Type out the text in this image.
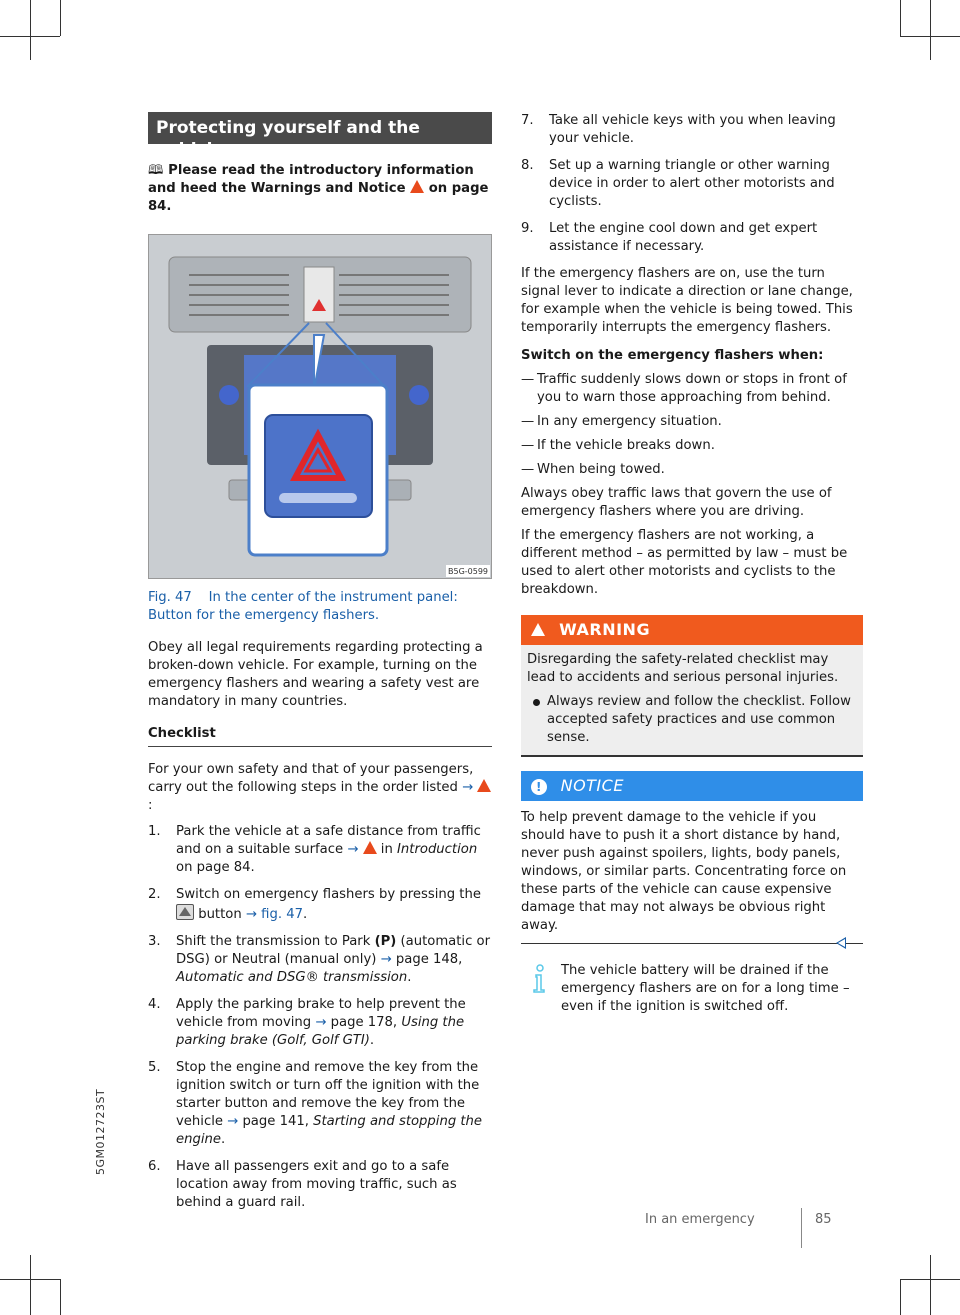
Protecting yourself and the vehicle

🕮 Please read the introductory information and heed the Warnings and Notice on page 84.

B5G-0599

Fig. 47 In the center of the instrument panel: Button for the emergency flashers.

Obey all legal requirements regarding protecting a broken-down vehicle. For example, turning on the emergency flashers and wearing a safety vest are mandatory in many countries.

Checklist

For your own safety and that of your passengers, carry out the following steps in the order listed → :

1. Park the vehicle at a safe distance from traffic and on a suitable surface → in Introduction on page 84.
2. Switch on emergency flashers by pressing the  button → fig. 47.
3. Shift the transmission to Park (P) (automatic or DSG) or Neutral (manual only) → page 148, Automatic and DSG® transmission.
4. Apply the parking brake to help prevent the vehicle from moving → page 178, Using the parking brake (Golf, Golf GTI).
5. Stop the engine and remove the key from the ignition switch or turn off the ignition with the starter button and remove the key from the vehicle → page 141, Starting and stopping the engine.
6. Have all passengers exit and go to a safe location away from moving traffic, such as behind a guard rail.
7. Take all vehicle keys with you when leaving your vehicle.
8. Set up a warning triangle or other warning device in order to alert other motorists and cyclists.
9. Let the engine cool down and get expert assistance if necessary.

If the emergency flashers are on, use the turn signal lever to indicate a direction or lane change, for example when the vehicle is being towed. This temporarily interrupts the emergency flashers.

Switch on the emergency flashers when:

— Traffic suddenly slows down or stops in front of you to warn those approaching from behind.
— In any emergency situation.
— If the vehicle breaks down.
— When being towed.

Always obey traffic laws that govern the use of emergency flashers where you are driving.

If the emergency flashers are not working, a different method – as permitted by law – must be used to alert other motorists and cyclists to the breakdown.

WARNING

Disregarding the safety-related checklist may lead to accidents and serious personal injuries.

Always review and follow the checklist. Follow accepted safety practices and use common sense.

! NOTICE

To help prevent damage to the vehicle if you should have to push it a short distance by hand, never push against spoilers, lights, body panels, windows, or similar parts. Concentrating force on these parts of the vehicle can cause expensive damage that may not always be obvious right away.

The vehicle battery will be drained if the emergency flashers are on for a long time – even if the ignition is switched off.

5GM012723ST
In an emergency	85
